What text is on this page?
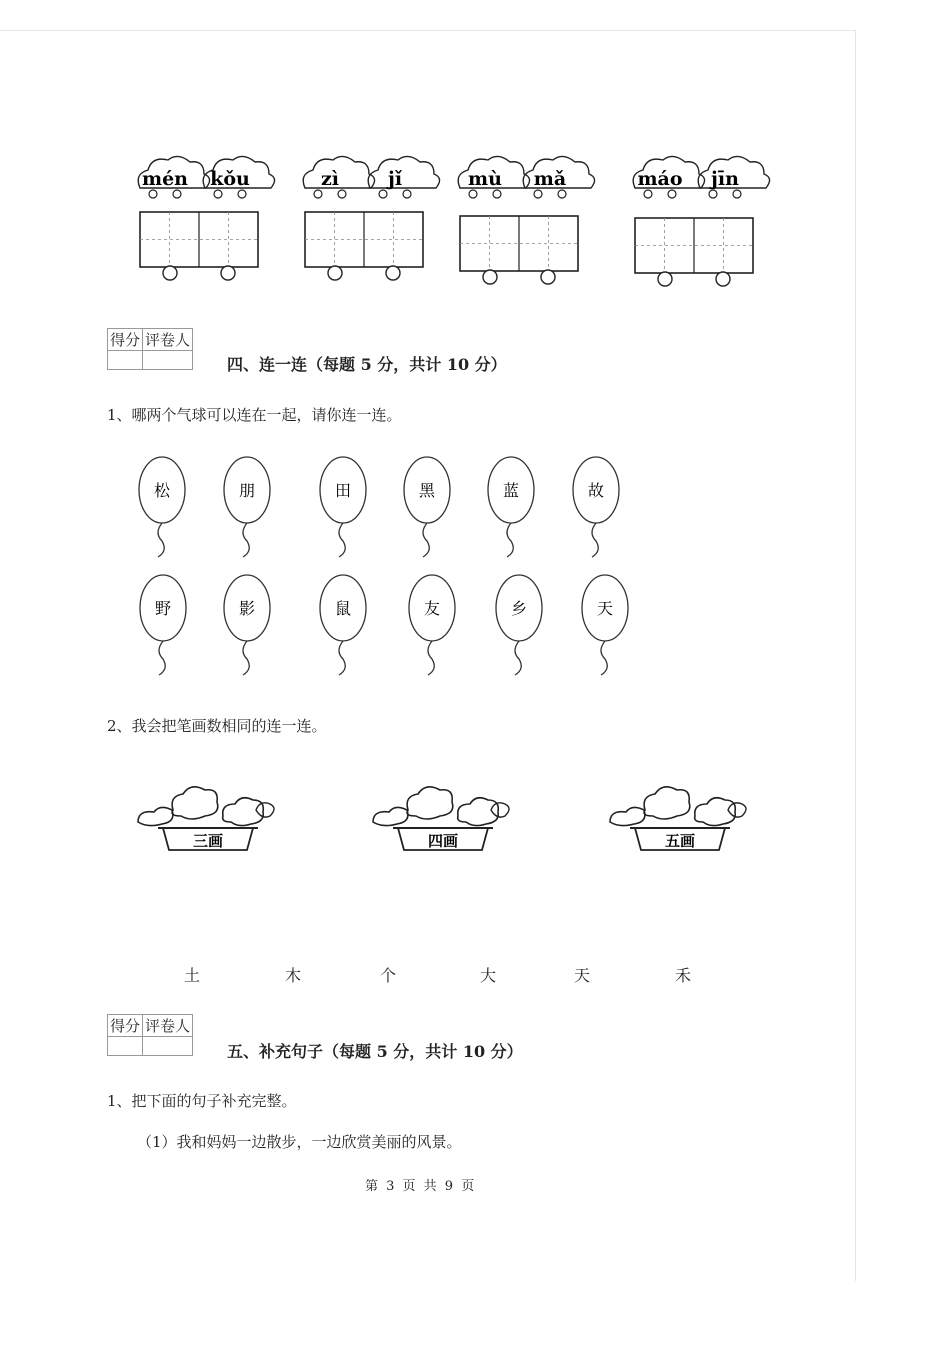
mén kǒu	zì	jǐ	mù mǎ	máo jīn
得分	评卷人

四、连一连（每题 5 分，共计 10 分）
1、哪两个气球可以连在一起，请你连一连。
松	朋	田	黑	蓝	故
野	影	鼠	友	乡	天
2、我会把笔画数相同的连一连。
三画	四画	五画
土	木	个	大	天	禾
得分	评卷人

五、补充句子（每题 5 分，共计 10 分）
1、把下面的句子补充完整。
（1）我和妈妈一边散步，一边欣赏美丽的风景。
第 3 页 共 9 页
